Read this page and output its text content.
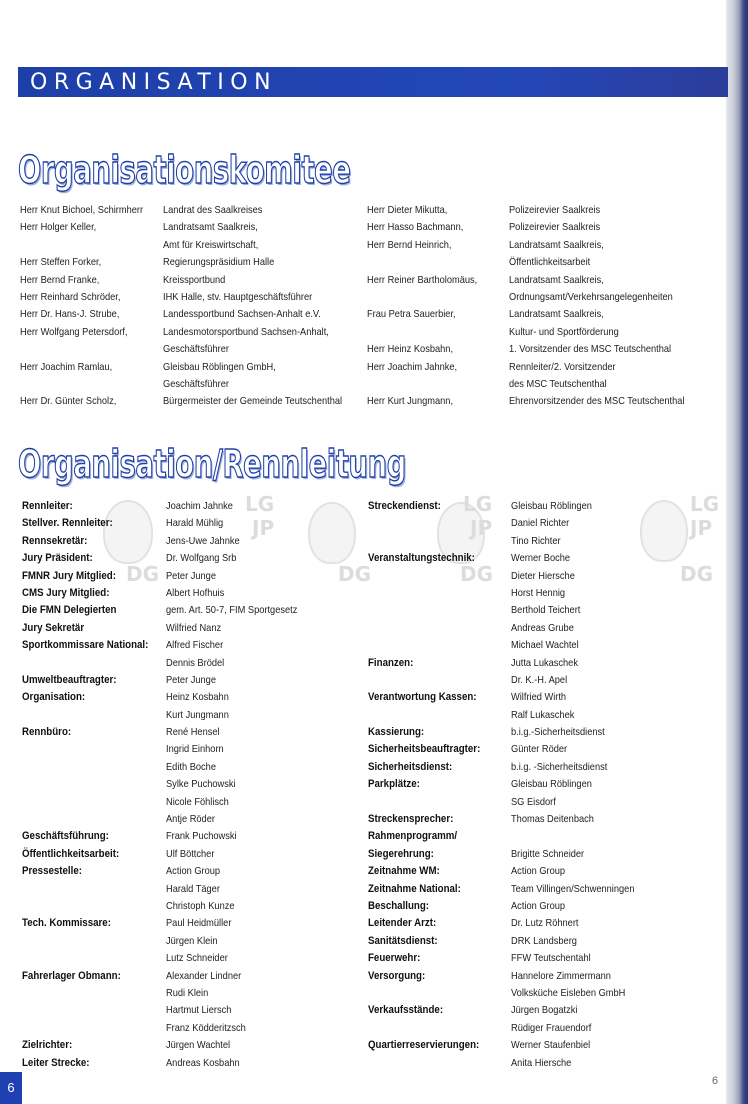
ORGANISATION
LG
JP
DG	DG
LG
JP
DG
LG
JP
DG
Organisationskomitee
Herr Knut Bichoel, Schirmherr
Herr Holger Keller,
Herr Steffen Forker,
Herr Bernd Franke,
Herr Reinhard Schröder,
Herr Dr. Hans-J. Strube,
Herr Wolfgang Petersdorf,
Herr Joachim Ramlau,
Herr Dr. Günter Scholz,
Landrat des Saalkreises
Landratsamt Saalkreis,
Amt für Kreiswirtschaft,
Regierungspräsidium Halle
Kreissportbund
IHK Halle, stv. Hauptgeschäftsführer
Landessportbund Sachsen-Anhalt e.V.
Landesmotorsportbund Sachsen-Anhalt,
Geschäftsführer
Gleisbau Röblingen GmbH,
Geschäftsführer
Bürgermeister der Gemeinde Teutschenthal
Herr Dieter Mikutta,
Herr Hasso Bachmann,
Herr Bernd Heinrich,
Herr Reiner Bartholomäus,
Frau Petra Sauerbier,
Herr Heinz Kosbahn,
Herr Joachim Jahnke,
Herr Kurt Jungmann,
Polizeirevier Saalkreis
Polizeirevier Saalkreis
Landratsamt Saalkreis,
Öffentlichkeitsarbeit
Landratsamt Saalkreis,
Ordnungsamt/Verkehrsangelegenheiten
Landratsamt Saalkreis,
Kultur- und Sportförderung
1. Vorsitzender des MSC Teutschenthal
Rennleiter/2. Vorsitzender
des MSC Teutschenthal
Ehrenvorsitzender des MSC Teutschenthal
Organisation/Rennleitung
Rennleiter:
Stellver. Rennleiter:
Rennsekretär:
Jury Präsident:
FMNR Jury Mitglied:
CMS Jury Mitglied:
Die FMN Delegierten
Jury Sekretär
Sportkommissare National:
Umweltbeauftragter:
Organisation:
Rennbüro:
Geschäftsführung:
Öffentlichkeitsarbeit:
Pressestelle:
Tech. Kommissare:
Fahrerlager Obmann:
Zielrichter:
Leiter Strecke:
Joachim Jahnke
Harald Mühlig
Jens-Uwe Jahnke
Dr. Wolfgang Srb
Peter Junge
Albert Hofhuis
gem. Art. 50-7, FIM Sportgesetz
Wilfried Nanz
Alfred Fischer
Dennis Brödel
Peter Junge
Heinz Kosbahn
Kurt Jungmann
René Hensel
Ingrid Einhorn
Edith Boche
Sylke Puchowski
Nicole Föhlisch
Antje Röder
Frank Puchowski
Ulf Böttcher
Action Group
Harald Täger
Christoph Kunze
Paul Heidmüller
Jürgen Klein
Lutz Schneider
Alexander Lindner
Rudi Klein
Hartmut Liersch
Franz Ködderitzsch
Jürgen Wachtel
Andreas Kosbahn
Streckendienst:
Veranstaltungstechnik:
Finanzen:
Verantwortung Kassen:
Kassierung:
Sicherheitsbeauftragter:
Sicherheitsdienst:
Parkplätze:
Streckensprecher:
Rahmenprogramm/
Siegerehrung:
Zeitnahme WM:
Zeitnahme National:
Beschallung:
Leitender Arzt:
Sanitätsdienst:
Feuerwehr:
Versorgung:
Verkaufsstände:
Quartierreservierungen:
Gleisbau Röblingen
Daniel Richter
Tino Richter
Werner Boche
Dieter Hiersche
Horst Hennig
Berthold Teichert
Andreas Grube
Michael Wachtel
Jutta Lukaschek
Dr. K.-H. Apel
Wilfried Wirth
Ralf Lukaschek
b.i.g.-Sicherheitsdienst
Günter Röder
b.i.g. -Sicherheitsdienst
Gleisbau Röblingen
SG Eisdorf
Thomas Deitenbach
Brigitte Schneider
Action Group
Team Villingen/Schwenningen
Action Group
Dr. Lutz Röhnert
DRK Landsberg
FFW Teutschentahl
Hannelore Zimmermann
Volksküche Eisleben GmbH
Jürgen Bogatzki
Rüdiger Frauendorf
Werner Staufenbiel
Anita Hiersche
6	6
